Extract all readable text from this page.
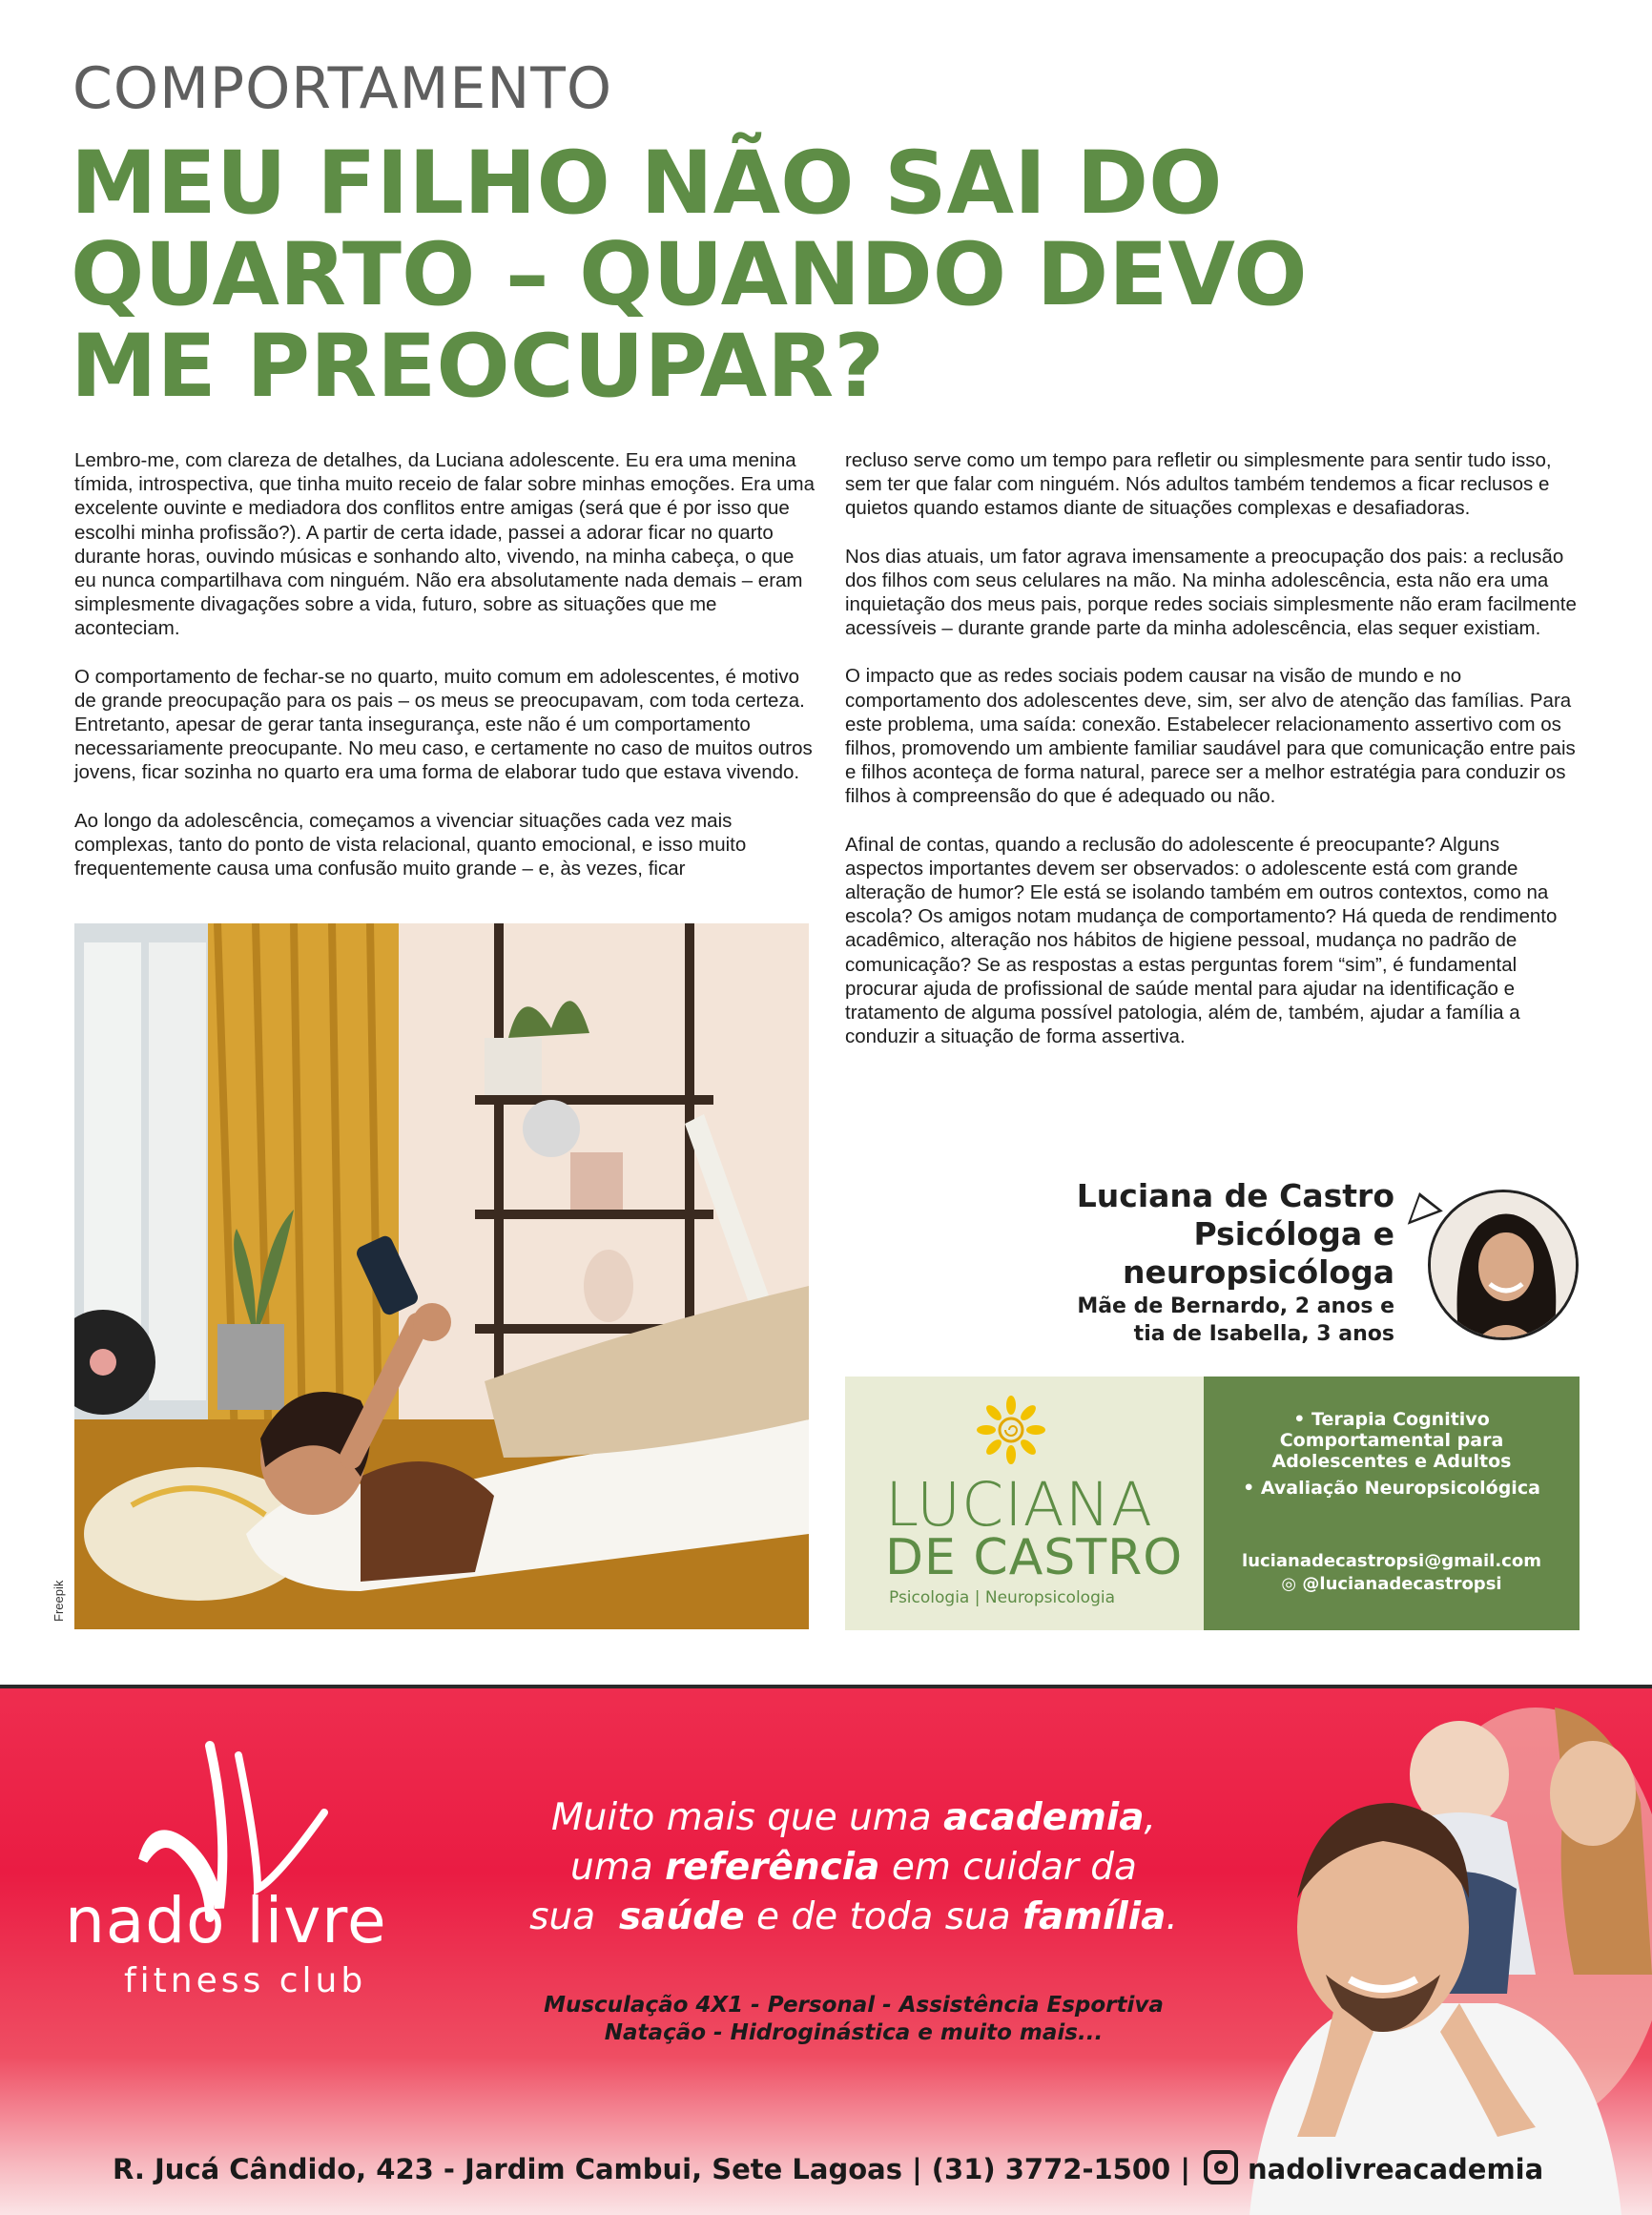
COMPORTAMENTO
MEU FILHO NÃO SAI DO
QUARTO – QUANDO DEVO
ME PREOCUPAR?

Lembro-me, com clareza de detalhes, da Luciana adolescente. Eu era uma menina tímida, introspectiva, que tinha muito receio de falar sobre minhas emoções. Era uma excelente ouvinte e mediadora dos conflitos entre amigas (será que é por isso que escolhi minha profissão?). A partir de certa idade, passei a adorar ficar no quarto durante horas, ouvindo músicas e sonhando alto, vivendo, na minha cabeça, o que eu nunca compartilhava com ninguém. Não era absolutamente nada demais – eram simplesmente divagações sobre a vida, futuro, sobre as situações que me aconteciam.

O comportamento de fechar-se no quarto, muito comum em adolescentes, é motivo de grande preocupação para os pais – os meus se preocupavam, com toda certeza. Entretanto, apesar de gerar tanta insegurança, este não é um comportamento necessariamente preocupante. No meu caso, e certamente no caso de muitos outros jovens, ficar sozinha no quarto era uma forma de elaborar tudo que estava vivendo.

Ao longo da adolescência, começamos a vivenciar situações cada vez mais complexas, tanto do ponto de vista relacional, quanto emocional, e isso muito frequentemente causa uma confusão muito grande – e, às vezes, ficar

recluso serve como um tempo para refletir ou simplesmente para sentir tudo isso, sem ter que falar com ninguém. Nós adultos também tendemos a ficar reclusos e quietos quando estamos diante de situações complexas e desafiadoras.

Nos dias atuais, um fator agrava imensamente a preocupação dos pais: a reclusão dos filhos com seus celulares na mão. Na minha adolescência, esta não era uma inquietação dos meus pais, porque redes sociais simplesmente não eram facilmente acessíveis – durante grande parte da minha adolescência, elas sequer existiam.

O impacto que as redes sociais podem causar na visão de mundo e no comportamento dos adolescentes deve, sim, ser alvo de atenção das famílias. Para este problema, uma saída: conexão. Estabelecer relacionamento assertivo com os filhos, promovendo um ambiente familiar saudável para que comunicação entre pais e filhos aconteça de forma natural, parece ser a melhor estratégia para conduzir os filhos à compreensão do que é adequado ou não.

Afinal de contas, quando a reclusão do adolescente é preocupante? Alguns aspectos importantes devem ser observados: o adolescente está com grande alteração de humor? Ele está se isolando também em outros contextos, como na escola? Os amigos notam mudança de comportamento? Há queda de rendimento acadêmico, alteração nos hábitos de higiene pessoal, mudança no padrão de comunicação? Se as respostas a estas perguntas forem “sim”, é fundamental procurar ajuda de profissional de saúde mental para ajudar na identificação e tratamento de alguma possível patologia, além de, também, ajudar a família a conduzir a situação de forma assertiva.

Freepik
Luciana de Castro
Psicóloga e
neuropsicóloga
Mãe de Bernardo, 2 anos e
tia de Isabella, 3 anos
LUCIANA
DE CASTRO
Psicologia | Neuropsicologia
• Terapia Cognitivo
Comportamental para
Adolescentes e Adultos
• Avaliação Neuropsicológica
lucianadecastropsi@gmail.com
◎ @lucianadecastropsi
nado livre
fitness club
Muito mais que uma academia,
uma referência em cuidar da
sua  saúde e de toda sua família.
Musculação 4X1 - Personal - Assistência Esportiva
Natação - Hidroginástica e muito mais...
R. Jucá Cândido, 423 - Jardim Cambui, Sete Lagoas | (31) 3772-1500 | nadolivreacademia
